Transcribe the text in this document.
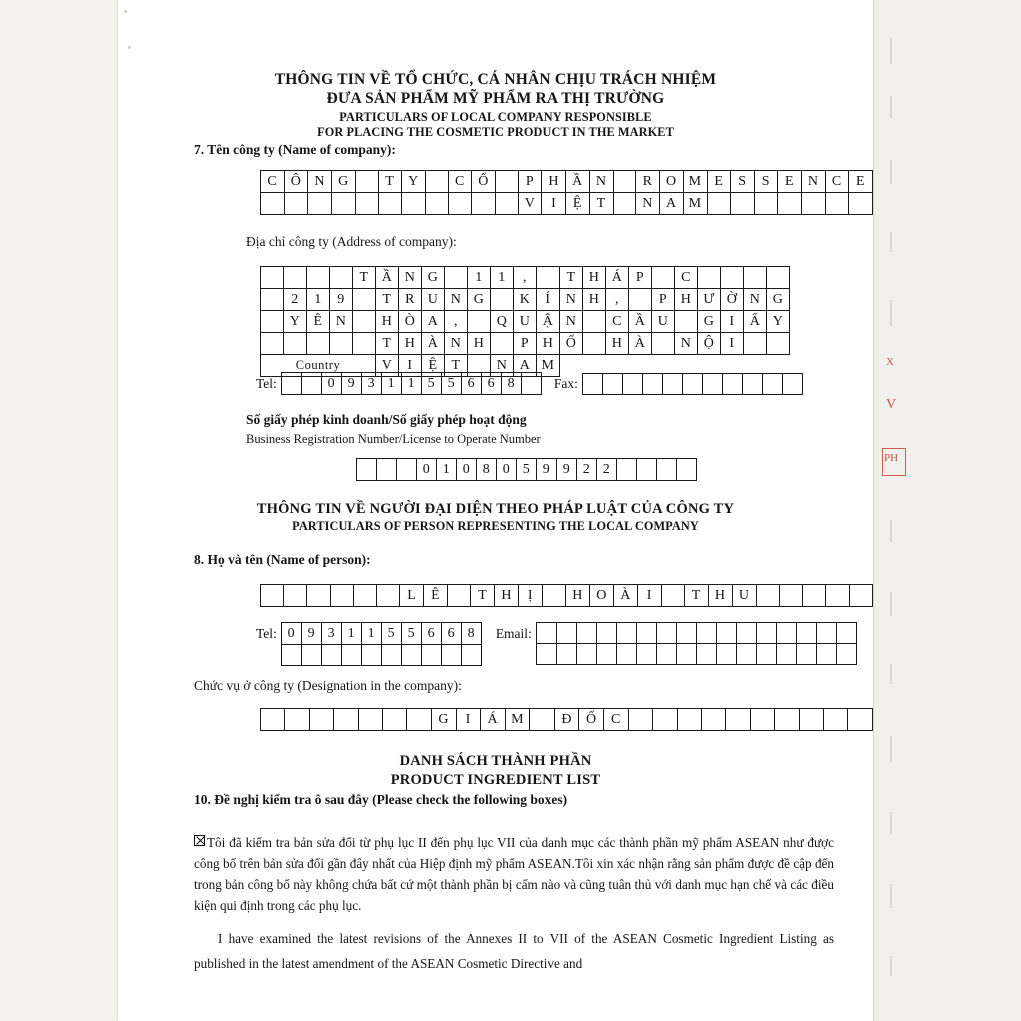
THÔNG TIN VỀ TỔ CHỨC, CÁ NHÂN CHỊU TRÁCH NHIỆM
ĐƯA SẢN PHẨM MỸ PHẨM RA THỊ TRƯỜNG
PARTICULARS OF LOCAL COMPANY RESPONSIBLE
FOR PLACING THE COSMETIC PRODUCT IN THE MARKET
7. Tên công ty (Name of company):
C	Ô	N	G		T	Y		C	Ổ		P	H	Ầ	N		R	O	M	E	S	S	E	N	C	E
											V	I	Ệ	T		N	A	M							
Địa chỉ công ty (Address of company):
				T	Ầ	N	G		1	1	,		T	H	Á	P		C				
	2	1	9		T	R	U	N	G		K	Í	N	H	,		P	H	Ư	Ờ	N	G
	Y	Ê	N		H	Ò	A	,		Q	U	Ậ	N		C	Ầ	U		G	I	Ấ	Y
					T	H	À	N	H		P	H	Ố		H	À		N	Ộ	I		
Country					V	I	Ệ	T		N	A	M										
Tel:
			0	9	3	1	1	5	5	6	6	8		Fax:

Số giấy phép kinh doanh/Số giấy phép hoạt động
Business Registration Number/License to Operate Number
			0	1	0	8	0	5	9	9	2	2				
THÔNG TIN VỀ NGƯỜI ĐẠI DIỆN THEO PHÁP LUẬT CỦA CÔNG TY
PARTICULARS OF PERSON REPRESENTING THE LOCAL COMPANY
8. Họ và tên (Name of person):
						L	Ê		T	H	Ị		H	O	À	I		T	H	U					
Tel: 0	9	3	1	1	5	5	6	6	8
										Email:

Chức vụ ở công ty (Designation in the company):
							G	I	Á	M		Đ	Ố	C										
DANH SÁCH THÀNH PHẦN
PRODUCT INGREDIENT LIST
10. Đề nghị kiểm tra ô sau đây (Please check the following boxes)
Tôi đã kiểm tra bản sửa đổi từ phụ lục II đến phụ lục VII của danh mục các thành phần mỹ phẩm ASEAN như được công bố trên bản sửa đổi gần đây nhất của Hiệp định mỹ phẩm ASEAN.Tôi xin xác nhận rằng sản phẩm được đề cập đến trong bản công bố này không chứa bất cứ một thành phần bị cấm nào và cũng tuân thủ với danh mục hạn chế và các điều kiện qui định trong các phụ lục.
I have examined the latest revisions of the Annexes II to VII of the ASEAN Cosmetic Ingredient Listing as published in the latest amendment of the ASEAN Cosmetic Directive and
X
V
PH
